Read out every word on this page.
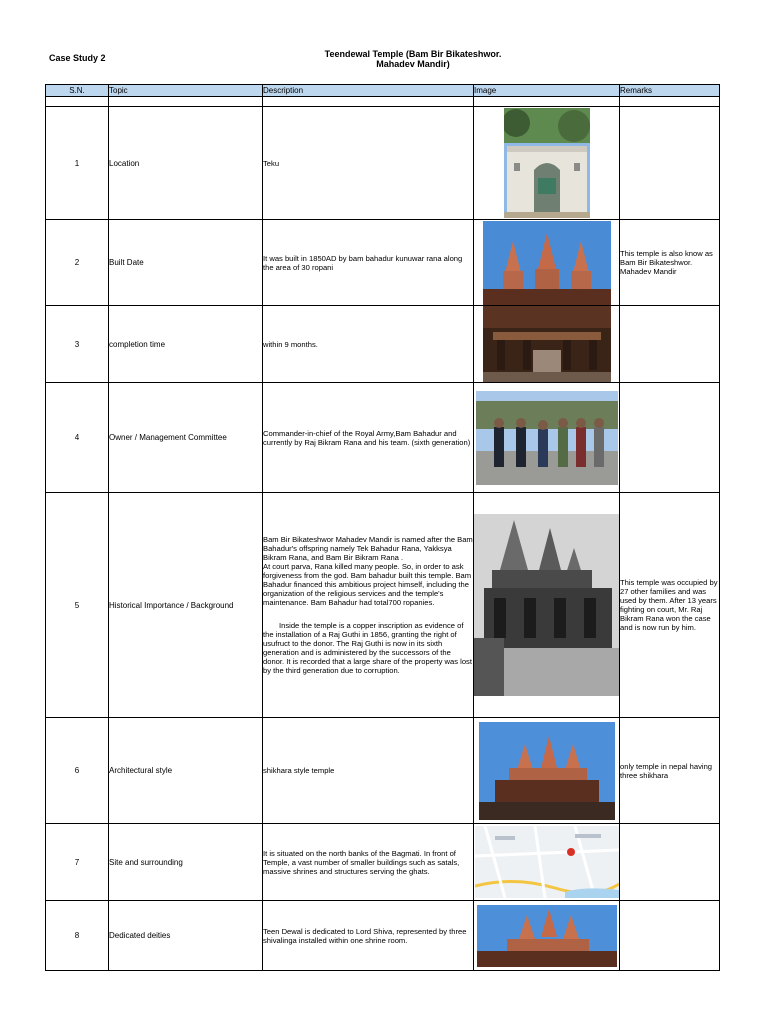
Case Study 2	Teendewal Temple (Bam Bir Bikateshwor.
Mahadev Mandir)
S.N.	Topic	Description	Image	Remarks

1	Location	Teku	

2	Built Date	It was built in 1850AD by bam bahadur kunuwar rana along the area of 30 ropani		This temple is also know as Bam Bir Bikateshwor. Mahadev Mandir
3	completion time	within 9 months.	

4	Owner / Management Committee	Commander-in-chief of the Royal Army,Bam Bahadur and currently by Raj Bikram Rana and his team. (sixth generation)	

5	Historical Importance / Background	Bam Bir Bikateshwor Mahadev Mandir is named after the Bam Bahadur's offspring namely Tek Bahadur Rana, Yakksya Bikram Rana, and Bam Bir Bikram Rana .

At court parva, Rana killed many people. So, in order to ask forgiveness from the god. Bam bahadur built this temple. Bam Bahadur financed this ambitious project himself, including the organization of the religious services and the temple's maintenance. Bam Bahadur had total700 ropanies.

Inside the temple is a copper inscription as evidence of the installation of a Raj Guthi in 1856, granting the right of usufruct to the donor. The Raj Guthi is now in its sixth generation and is administered by the successors of the donor. It is recorded that a large share of the property was lost by the third generation due to corruption.		This temple was occupied by 27 other families and was used by them. After 13 years fighting on court, Mr. Raj Bikram Rana won the case and is now run by him.
6	Architectural style	shikhara style temple		only temple in nepal having three shikhara
7	Site and surrounding	It is situated on the north banks of the Bagmati. In front of Temple, a vast number of smaller buildings such as satals, massive shrines and structures serving the ghats.	

8	Dedicated deities	Teen Dewal is dedicated to Lord Shiva, represented by three shivalinga installed within one shrine room.	
